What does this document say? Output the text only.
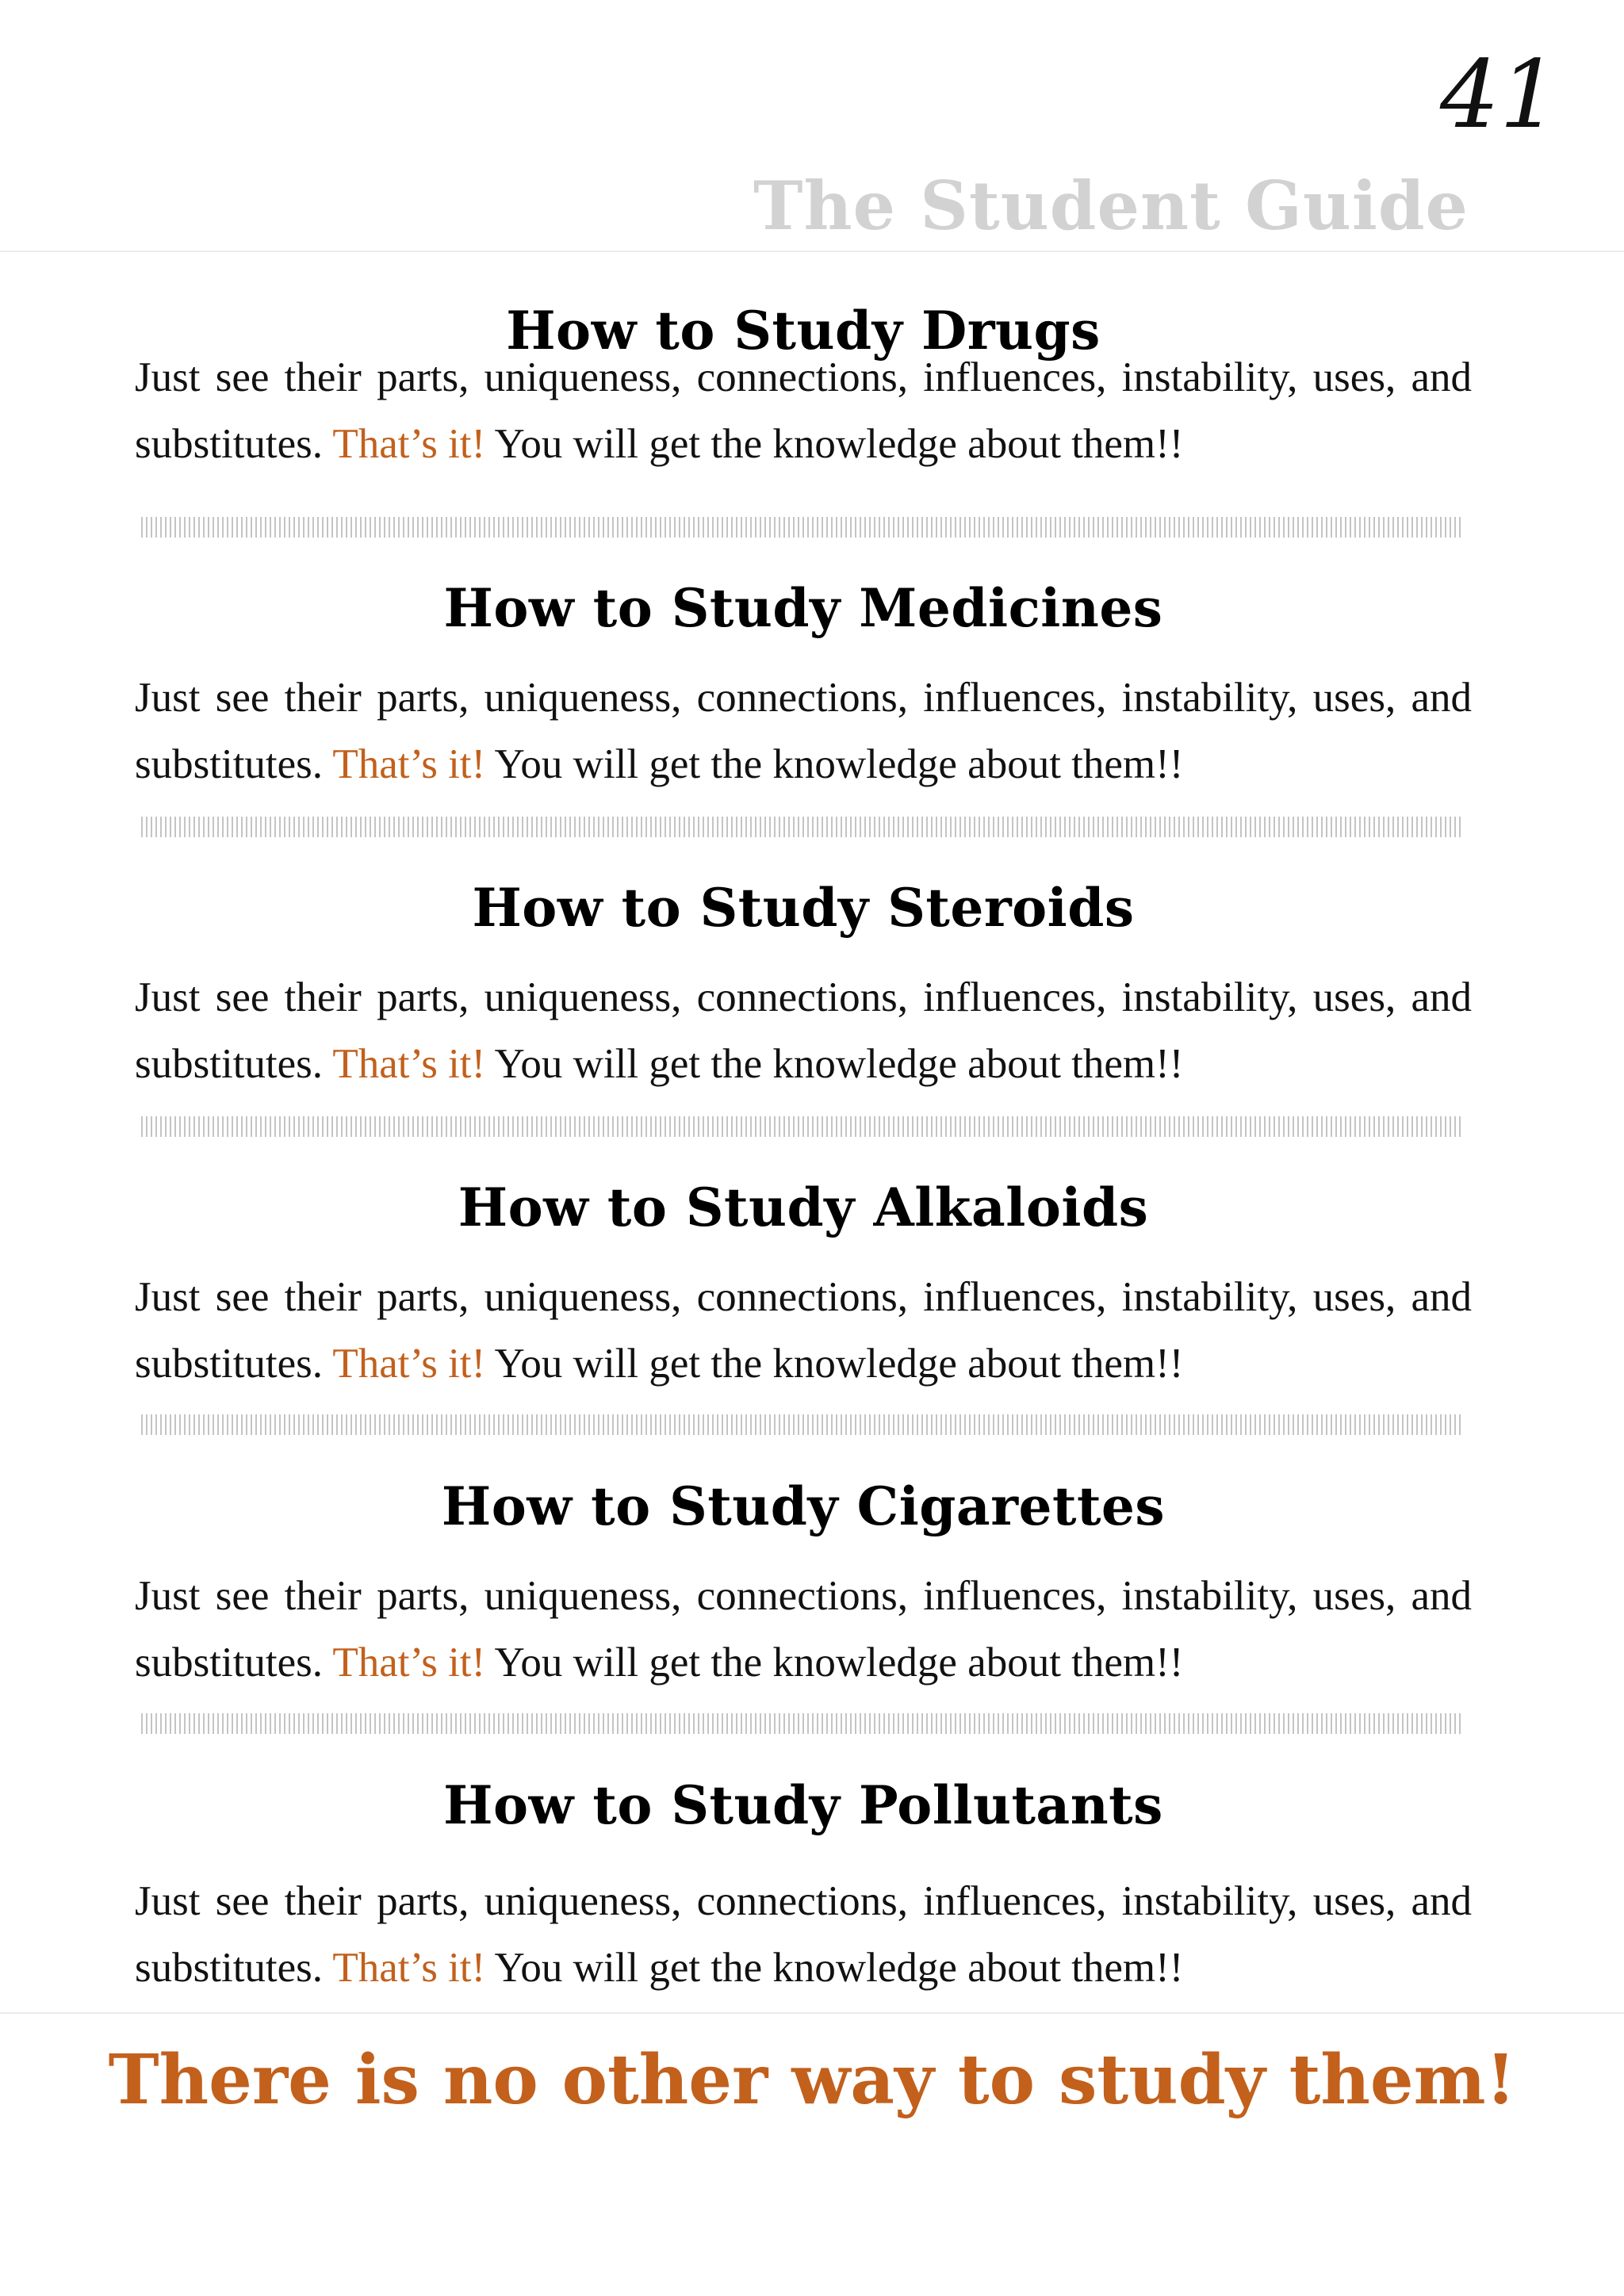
41
The Student Guide
How to Study Drugs

Just see their parts, uniqueness, connections, influences, instability, uses, and substitutes. That’s it! You will get the knowledge about them!!

How to Study Medicines

Just see their parts, uniqueness, connections, influences, instability, uses, and substitutes. That’s it! You will get the knowledge about them!!

How to Study Steroids

Just see their parts, uniqueness, connections, influences, instability, uses, and substitutes. That’s it! You will get the knowledge about them!!

How to Study Alkaloids

Just see their parts, uniqueness, connections, influences, instability, uses, and substitutes. That’s it! You will get the knowledge about them!!

How to Study Cigarettes

Just see their parts, uniqueness, connections, influences, instability, uses, and substitutes. That’s it! You will get the knowledge about them!!

How to Study Pollutants

Just see their parts, uniqueness, connections, influences, instability, uses, and substitutes. That’s it! You will get the knowledge about them!!

There is no other way to study them!
